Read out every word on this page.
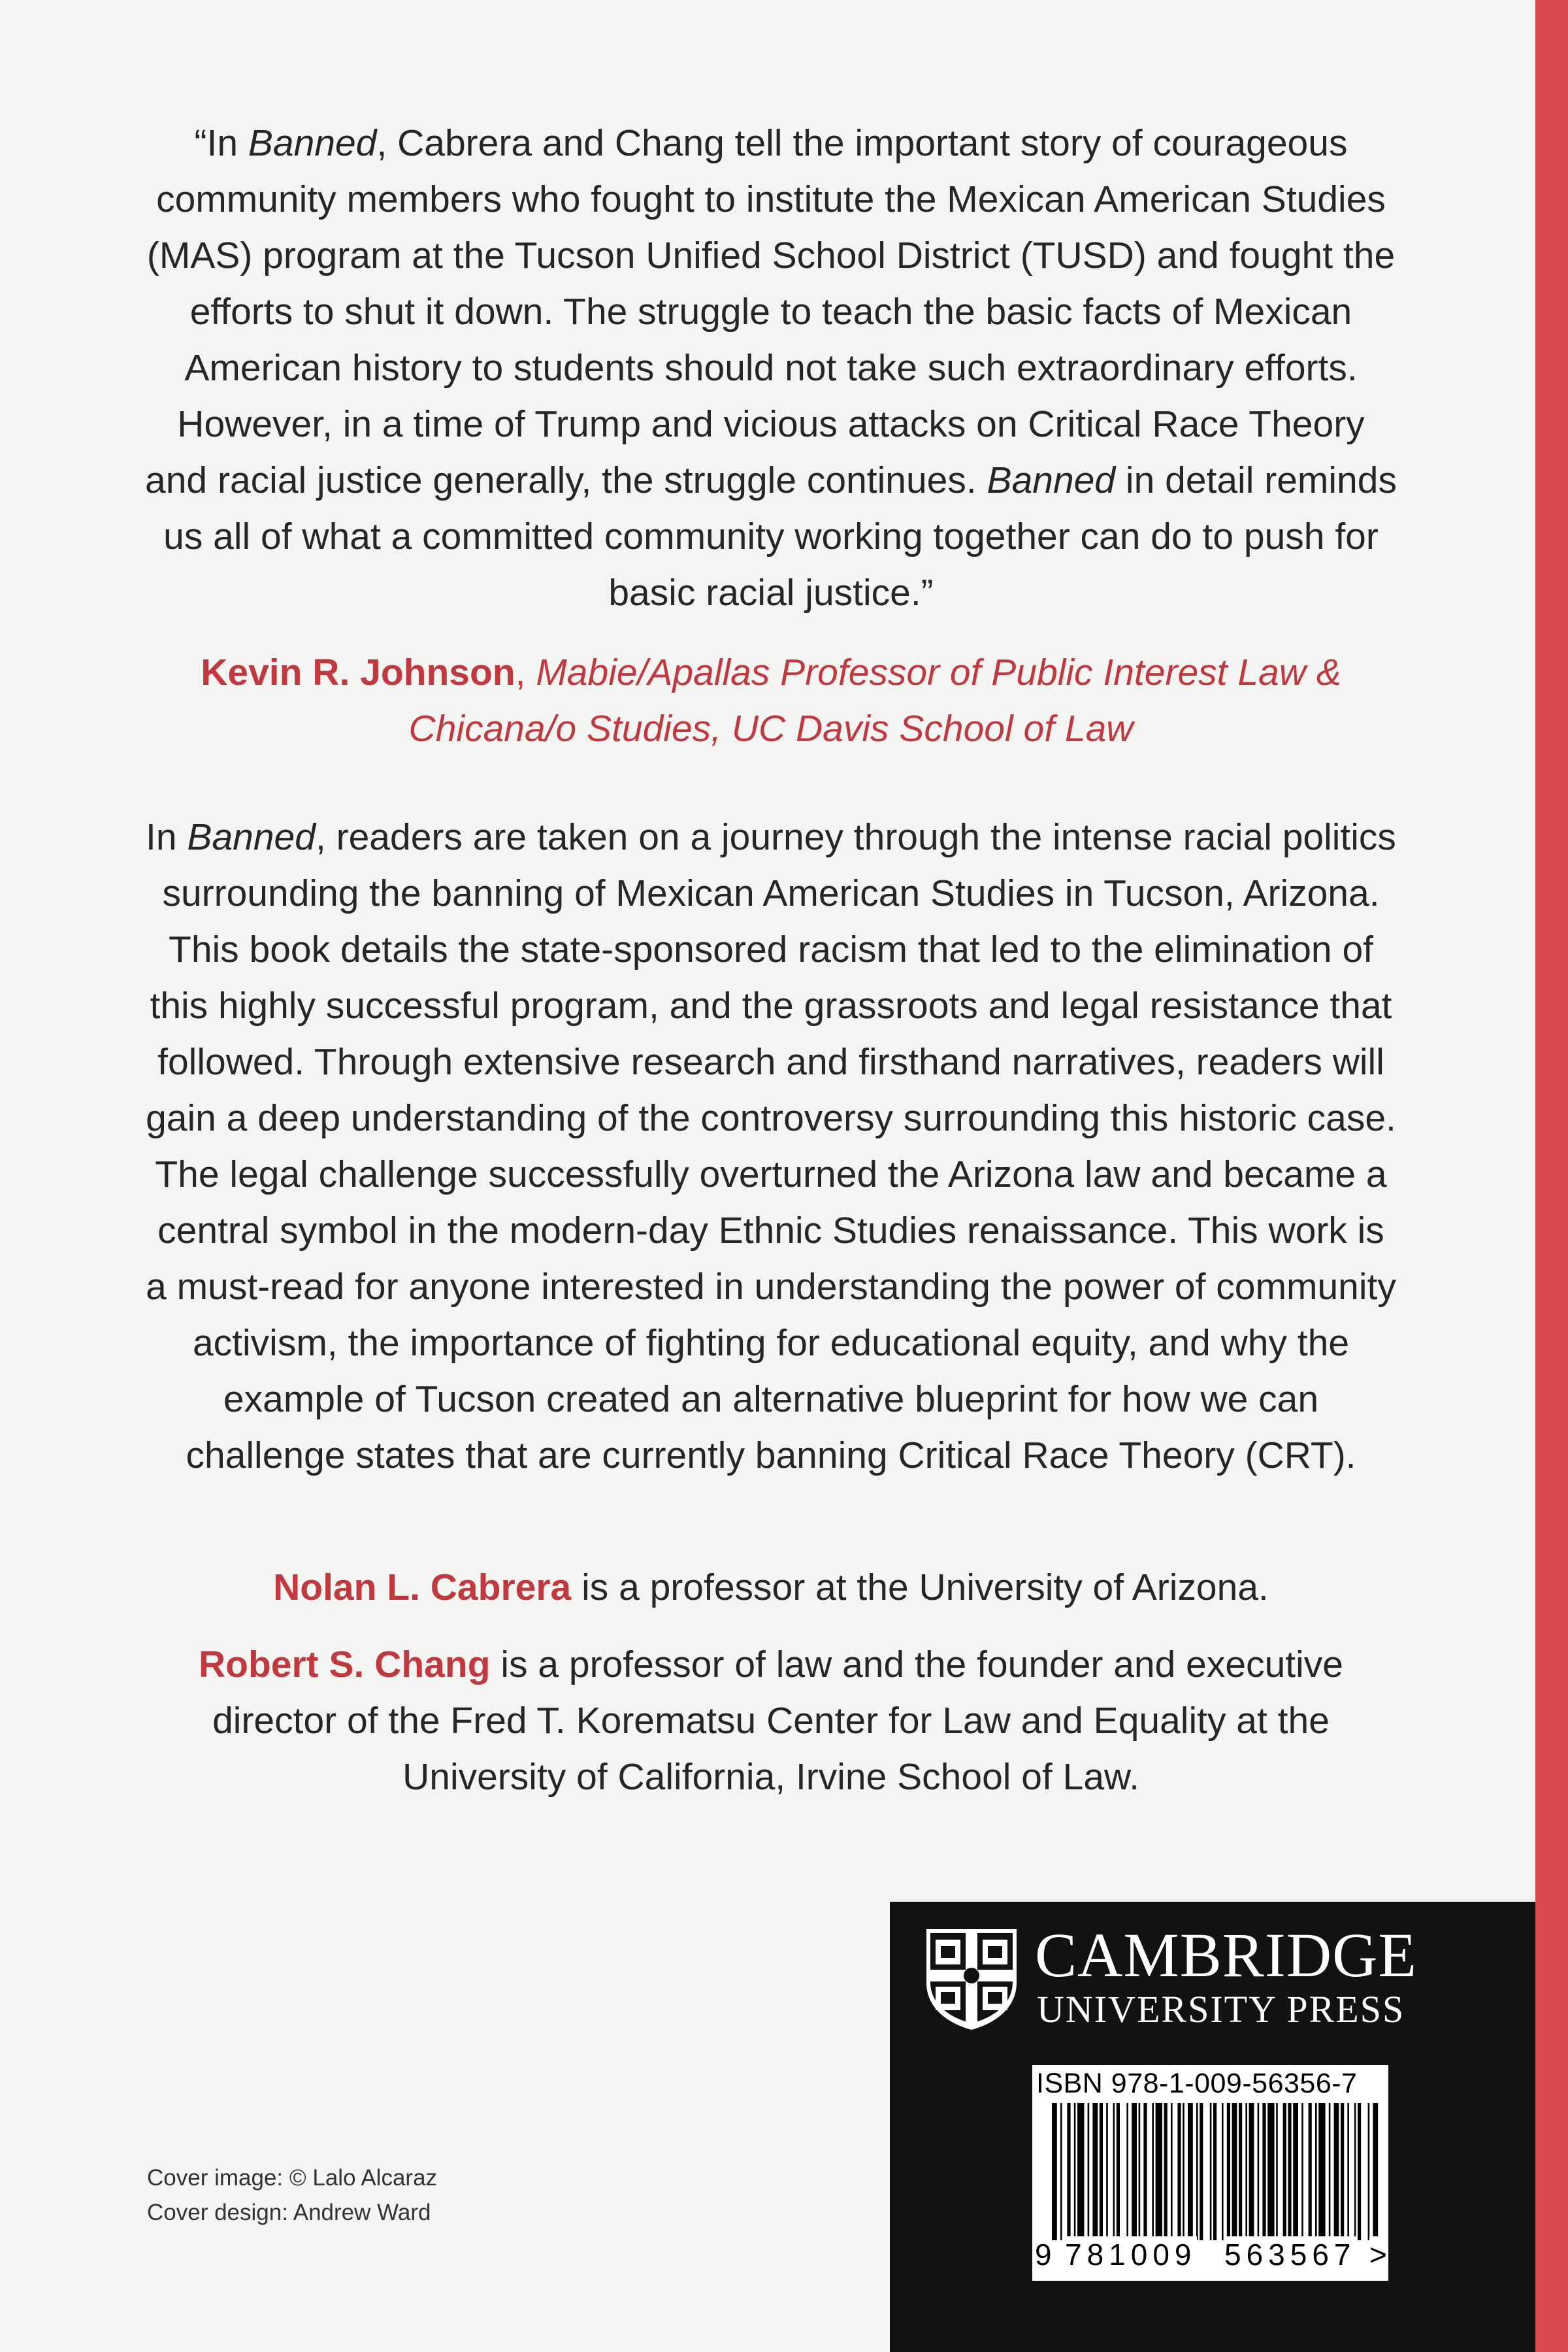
“In Banned, Cabrera and Chang tell the important story of courageous community members who fought to institute the Mexican American Studies (MAS) program at the Tucson Unified School District (TUSD) and fought the efforts to shut it down. The struggle to teach the basic facts of Mexican American history to students should not take such extraordinary efforts. However, in a time of Trump and vicious attacks on Critical Race Theory and racial justice generally, the struggle continues. Banned in detail reminds us all of what a committed community working together can do to push for basic racial justice.”

Kevin R. Johnson, Mabie/Apallas Professor of Public Interest Law & Chicana/o Studies, UC Davis School of Law

In Banned, readers are taken on a journey through the intense racial politics surrounding the banning of Mexican American Studies in Tucson, Arizona. This book details the state-sponsored racism that led to the elimination of this highly successful program, and the grassroots and legal resistance that followed. Through extensive research and firsthand narratives, readers will gain a deep understanding of the controversy surrounding this historic case. The legal challenge successfully overturned the Arizona law and became a central symbol in the modern-day Ethnic Studies renaissance. This work is a must-read for anyone interested in understanding the power of community activism, the importance of fighting for educational equity, and why the example of Tucson created an alternative blueprint for how we can challenge states that are currently banning Critical Race Theory (CRT).

Nolan L. Cabrera is a professor at the University of Arizona.

Robert S. Chang is a professor of law and the founder and executive director of the Fred T. Korematsu Center for Law and Equality at the University of California, Irvine School of Law.

Cover image: © Lalo Alcaraz
Cover design: Andrew Ward
CAMBRIDGE
UNIVERSITY PRESS
ISBN 978-1-009-56356-7
9 781009 563567 >
